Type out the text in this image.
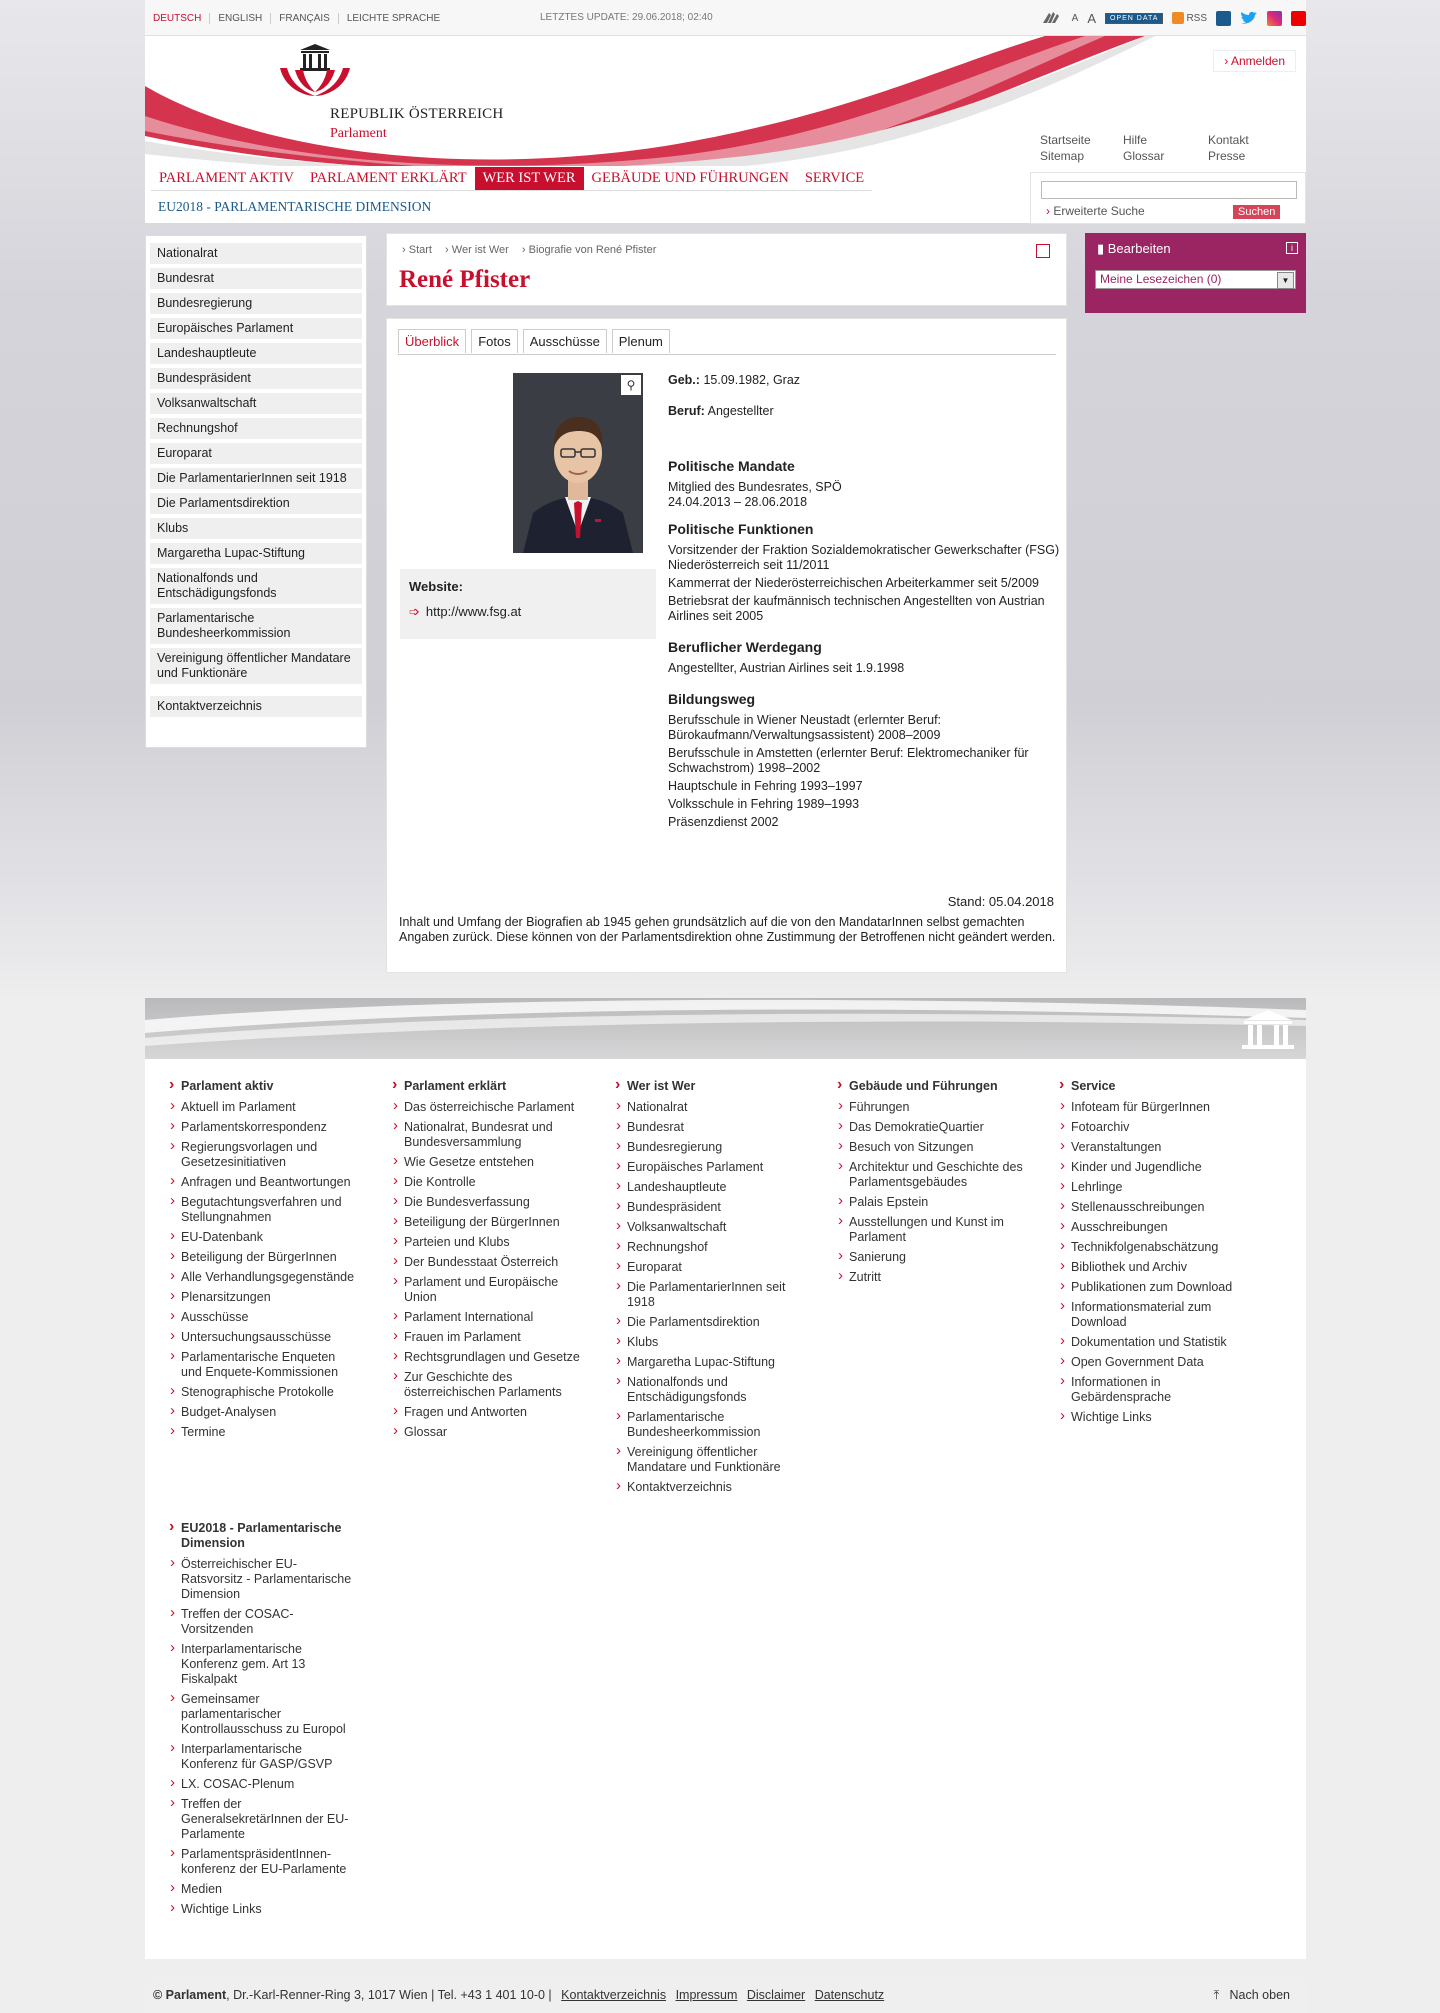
DEUTSCH	ENGLISH	FRANÇAIS	LEICHTE SPRACHE	LETZTES UPDATE: 29.06.2018; 02:40	A A	OPEN DATA	RSS
REPUBLIK ÖSTERREICH
Parlament
› Anmelden
Startseite	Hilfe	Kontakt
Sitemap	Glossar	Presse
PARLAMENT AKTIV	PARLAMENT ERKLÄRT	WER IST WER	GEBÄUDE UND FÜHRUNGEN	SERVICE
EU2018 - PARLAMENTARISCHE DIMENSION	› Erweiterte Suche	Suchen
Nationalrat
Bundesrat
Bundesregierung
Europäisches Parlament
Landeshauptleute
Bundespräsident
Volksanwaltschaft
Rechnungshof
Europarat
Die ParlamentarierInnen seit 1918
Die Parlamentsdirektion
Klubs
Margaretha Lupac-Stiftung
Nationalfonds und Entschädigungsfonds
Parlamentarische Bundesheerkommission
Vereinigung öffentlicher Mandatare und Funktionäre
Kontaktverzeichnis
› Start › Wer ist Wer › Biografie von René Pfister
René Pfister
Überblick	Fotos	Ausschüsse	Plenum
⚲
Website:
➩ http://www.fsg.at

Geb.: 15.09.1982, Graz

Beruf: Angestellter

Politische Mandate

Mitglied des Bundesrates, SPÖ

24.04.2013 – 28.06.2018

Politische Funktionen

Vorsitzender der Fraktion Sozialdemokratischer Gewerkschafter (FSG) Niederösterreich seit 11/2011

Kammerrat der Niederösterreichischen Arbeiterkammer seit 5/2009

Betriebsrat der kaufmännisch technischen Angestellten von Austrian Airlines seit 2005

Beruflicher Werdegang

Angestellter, Austrian Airlines seit 1.9.1998

Bildungsweg

Berufsschule in Wiener Neustadt (erlernter Beruf: Bürokaufmann/Verwaltungsassistent) 2008–2009

Berufsschule in Amstetten (erlernter Beruf: Elektromechaniker für Schwachstrom) 1998–2002

Hauptschule in Fehring 1993–1997

Volksschule in Fehring 1989–1993

Präsenzdienst 2002

Stand: 05.04.2018
Inhalt und Umfang der Biografien ab 1945 gehen grundsätzlich auf die von den MandatarInnen selbst gemachten Angaben zurück. Diese können von der Parlamentsdirektion ohne Zustimmung der Betroffenen nicht geändert werden.
▮ Bearbeiten	i
Meine Lesezeichen (0) ▼
› Parlament aktiv
› Aktuell im Parlament
› Parlamentskorrespondenz
› Regierungsvorlagen und Gesetzesinitiativen
› Anfragen und Beantwortungen
› Begutachtungsverfahren und Stellungnahmen
› EU-Datenbank
› Beteiligung der BürgerInnen
› Alle Verhandlungsgegenstände
› Plenarsitzungen
› Ausschüsse
› Untersuchungsausschüsse
› Parlamentarische Enqueten und Enquete-Kommissionen
› Stenographische Protokolle
› Budget-Analysen
› Termine
› Parlament erklärt
› Das österreichische Parlament
› Nationalrat, Bundesrat und Bundesversammlung
› Wie Gesetze entstehen
› Die Kontrolle
› Die Bundesverfassung
› Beteiligung der BürgerInnen
› Parteien und Klubs
› Der Bundesstaat Österreich
› Parlament und Europäische Union
› Parlament International
› Frauen im Parlament
› Rechtsgrundlagen und Gesetze
› Zur Geschichte des österreichischen Parlaments
› Fragen und Antworten
› Glossar
› Wer ist Wer
› Nationalrat
› Bundesrat
› Bundesregierung
› Europäisches Parlament
› Landeshauptleute
› Bundespräsident
› Volksanwaltschaft
› Rechnungshof
› Europarat
› Die ParlamentarierInnen seit 1918
› Die Parlamentsdirektion
› Klubs
› Margaretha Lupac-Stiftung
› Nationalfonds und Entschädigungsfonds
› Parlamentarische Bundesheerkommission
› Vereinigung öffentlicher Mandatare und Funktionäre
› Kontaktverzeichnis
› Gebäude und Führungen
› Führungen
› Das DemokratieQuartier
› Besuch von Sitzungen
› Architektur und Geschichte des Parlamentsgebäudes
› Palais Epstein
› Ausstellungen und Kunst im Parlament
› Sanierung
› Zutritt
› Service
› Infoteam für BürgerInnen
› Fotoarchiv
› Veranstaltungen
› Kinder und Jugendliche
› Lehrlinge
› Stellenausschreibungen
› Ausschreibungen
› Technikfolgenabschätzung
› Bibliothek und Archiv
› Publikationen zum Download
› Informationsmaterial zum Download
› Dokumentation und Statistik
› Open Government Data
› Informationen in Gebärdensprache
› Wichtige Links
› EU2018 - Parlamentarische Dimension
› Österreichischer EU-Ratsvorsitz - Parlamentarische Dimension
› Treffen der COSAC-Vorsitzenden
› Interparlamentarische Konferenz gem. Art 13 Fiskalpakt
› Gemeinsamer parlamentarischer Kontrollausschuss zu Europol
› Interparlamentarische Konferenz für GASP/GSVP
› LX. COSAC-Plenum
› Treffen der GeneralsekretärInnen der EU-Parlamente
› ParlamentspräsidentInnen-konferenz der EU-Parlamente
› Medien
› Wichtige Links
© Parlament, Dr.-Karl-Renner-Ring 3, 1017 Wien | Tel. +43 1 401 10-0 | Kontaktverzeichnis Impressum Disclaimer Datenschutz	⤒   Nach oben
